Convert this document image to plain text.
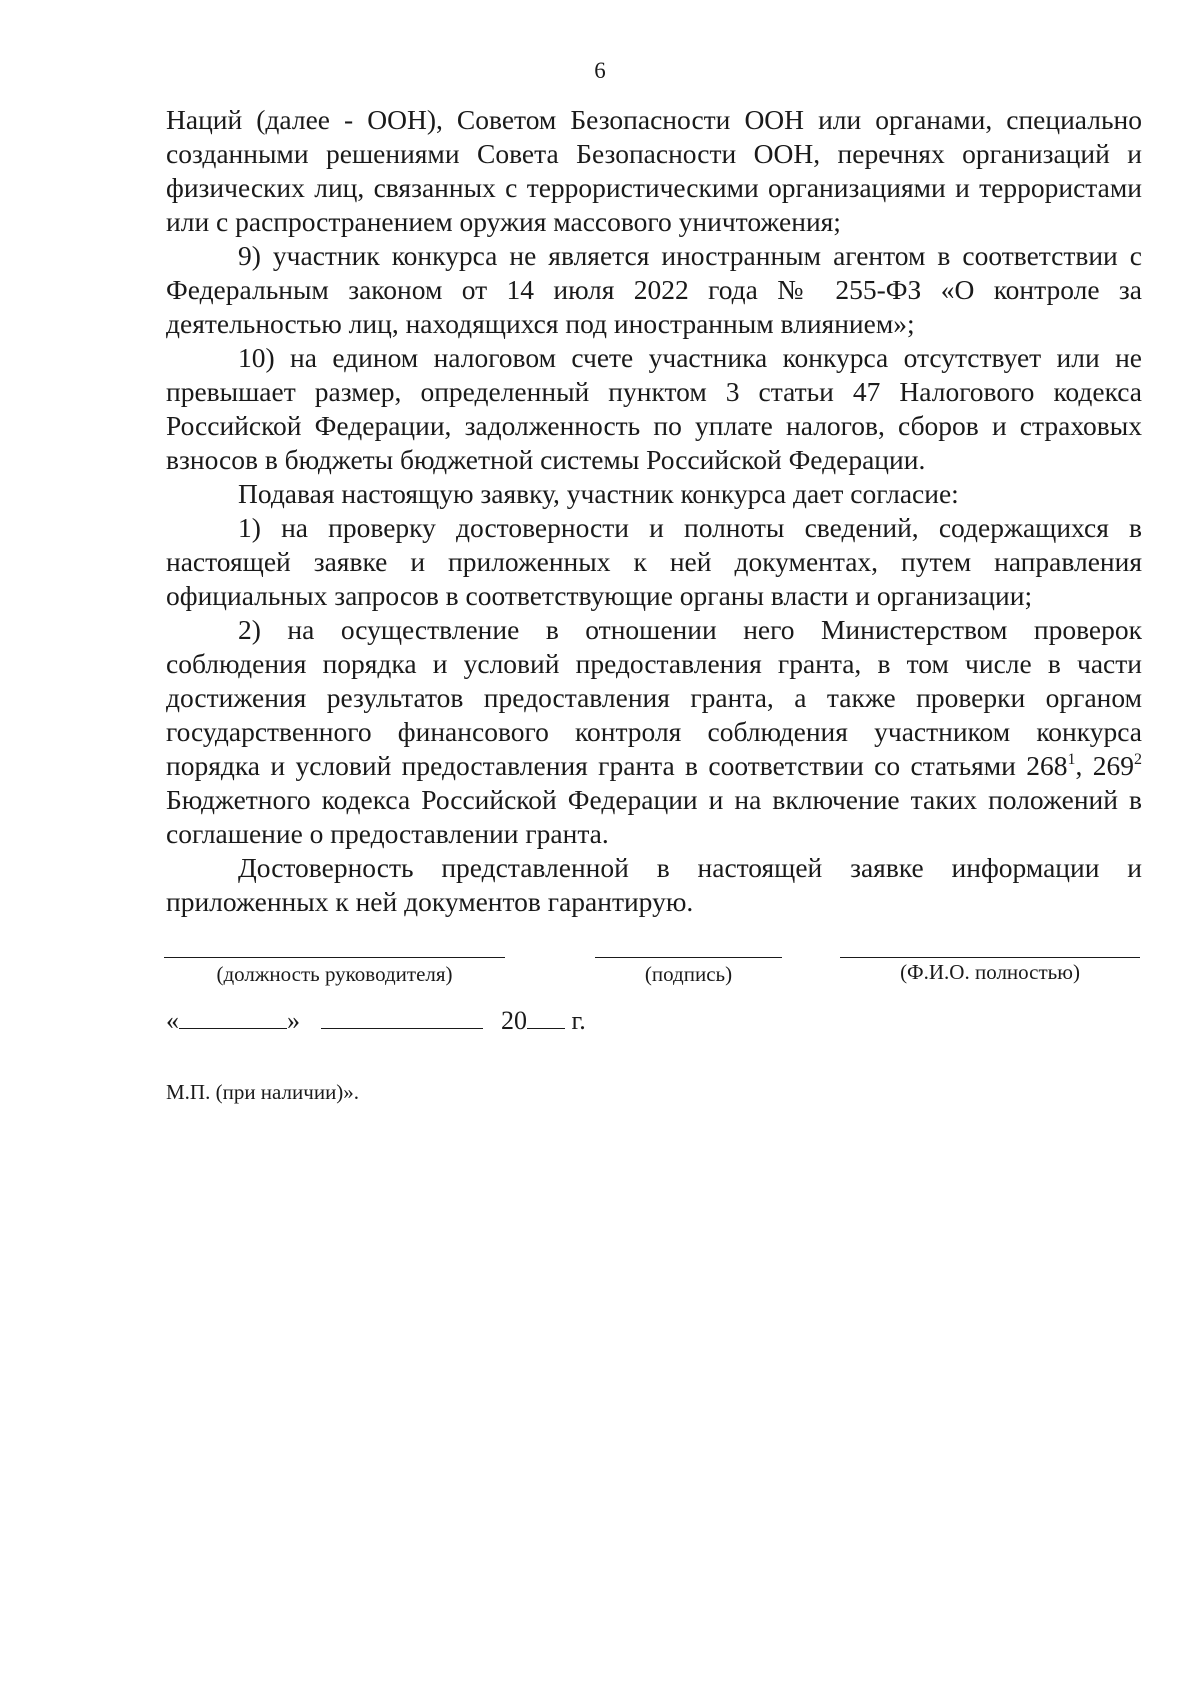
6

Наций (далее - ООН), Советом Безопасности ООН или органами, специально созданными решениями Совета Безопасности ООН, перечнях организаций и физических лиц, связанных с террористическими организациями и террористами или с распространением оружия массового уничтожения;

9) участник конкурса не является иностранным агентом в соответствии с Федеральным законом от 14 июля 2022 года № 255-ФЗ «О контроле за деятельностью лиц, находящихся под иностранным влиянием»;

10) на едином налоговом счете участника конкурса отсутствует или не превышает размер, определенный пунктом 3 статьи 47 Налогового кодекса Российской Федерации, задолженность по уплате налогов, сборов и страховых взносов в бюджеты бюджетной системы Российской Федерации.

Подавая настоящую заявку, участник конкурса дает согласие:

1) на проверку достоверности и полноты сведений, содержащихся в настоящей заявке и приложенных к ней документах, путем направления официальных запросов в соответствующие органы власти и организации;

2) на осуществление в отношении него Министерством проверок соблюдения порядка и условий предоставления гранта, в том числе в части достижения результатов предоставления гранта, а также проверки органом государственного финансового контроля соблюдения участником конкурса порядка и условий предоставления гранта в соответствии со статьями $268^1$, $269^2$ Бюджетного кодекса Российской Федерации и на включение таких положений в соглашение о предоставлении гранта.

Достоверность представленной в настоящей заявке информации и приложенных к ней документов гарантирую.

(должность руководителя)	(подпись)	(Ф.И.О. полностью)
«	»	20 г.
М.П. (при наличии)».
